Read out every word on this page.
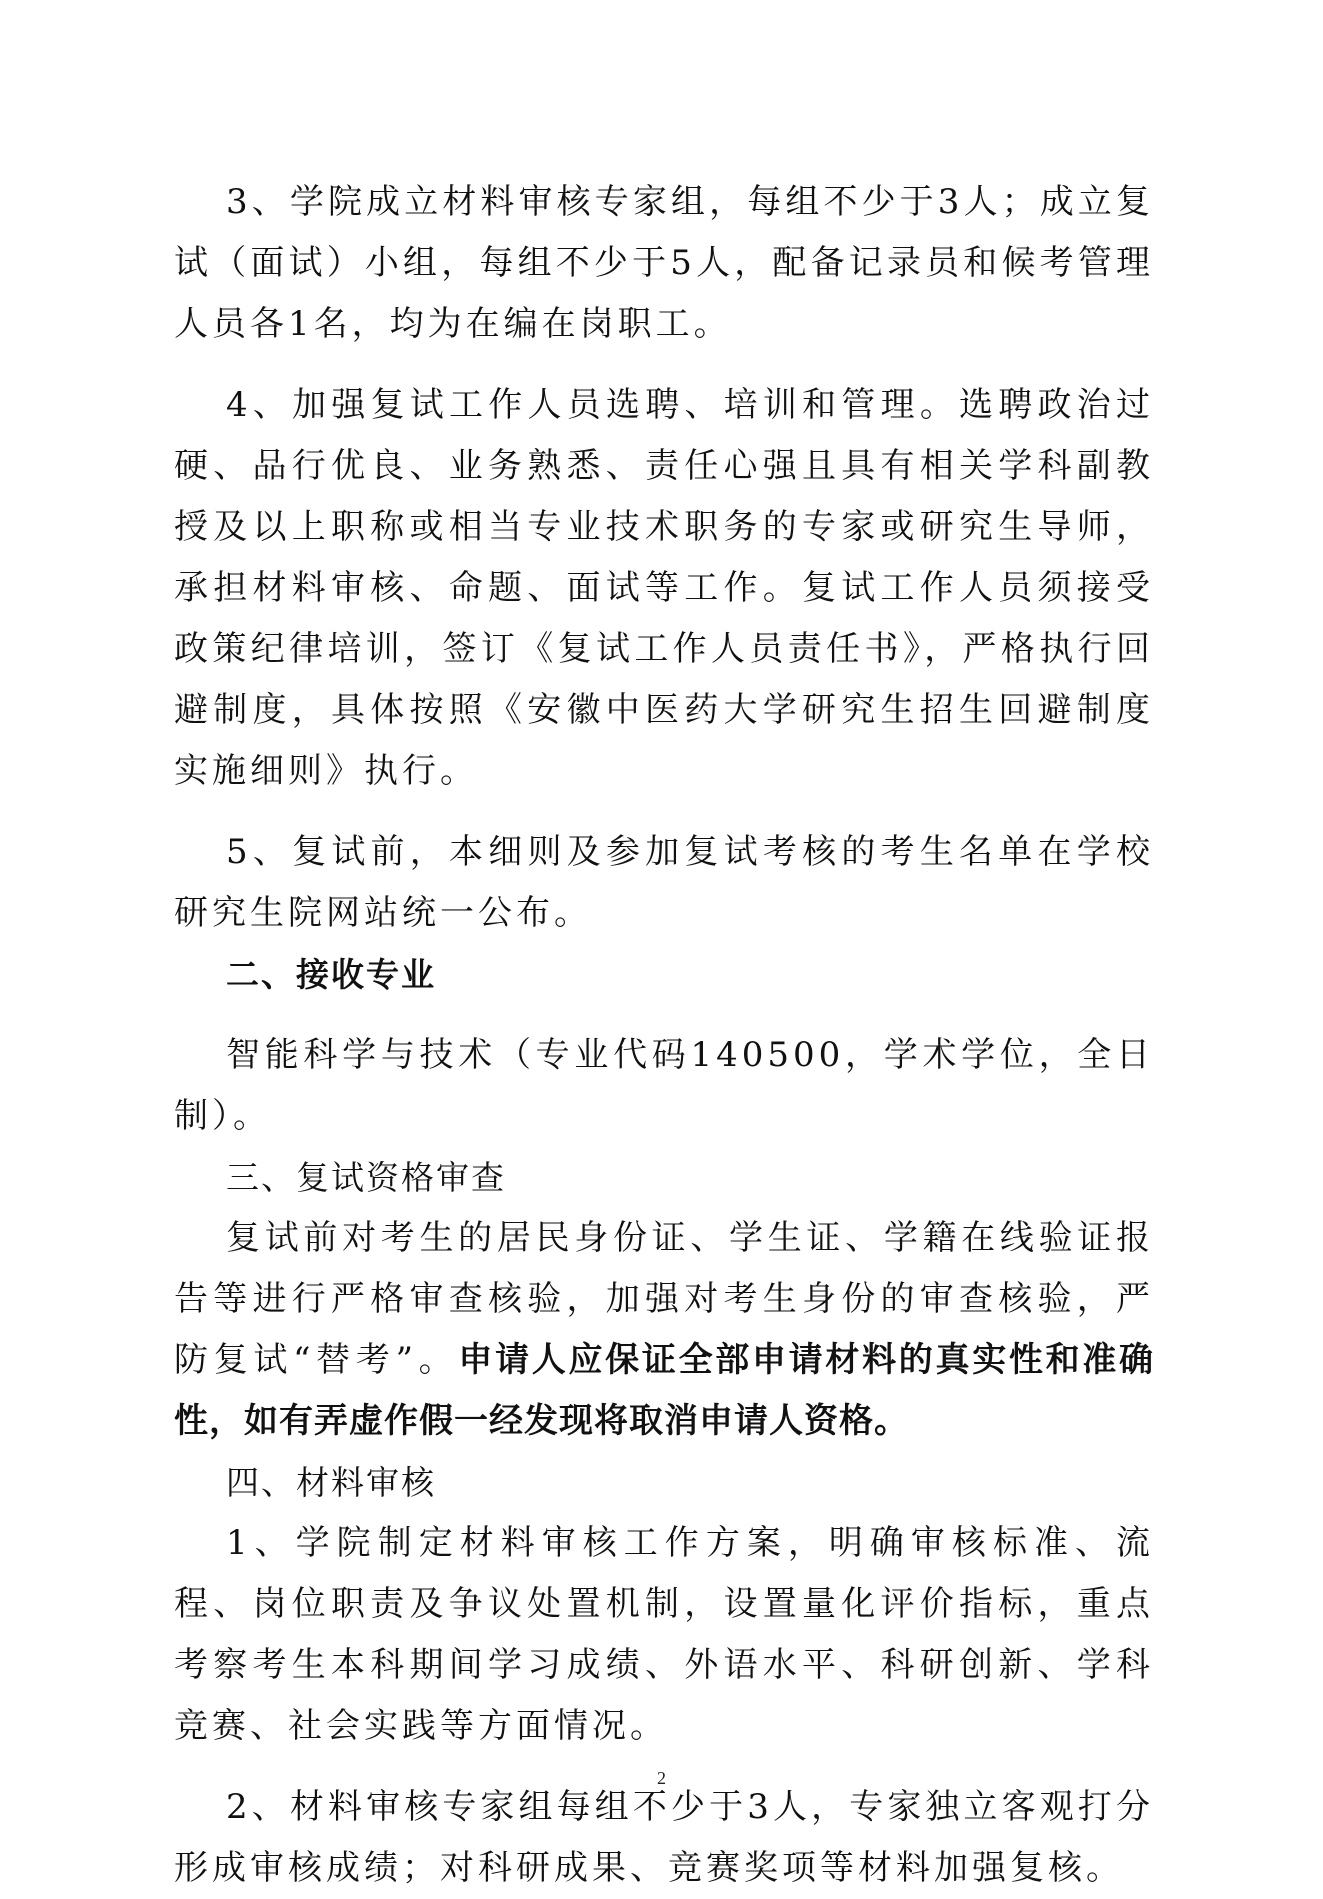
3、学院成立材料审核专家组，每组不少于3人；成立复试（面试）小组，每组不少于5人，配备记录员和候考管理人员各1名，均为在编在岗职工。

4、加强复试工作人员选聘、培训和管理。选聘政治过硬、品行优良、业务熟悉、责任心强且具有相关学科副教授及以上职称或相当专业技术职务的专家或研究生导师，承担材料审核、命题、面试等工作。复试工作人员须接受政策纪律培训，签订《复试工作人员责任书》，严格执行回避制度，具体按照《安徽中医药大学研究生招生回避制度实施细则》执行。

5、复试前，本细则及参加复试考核的考生名单在学校研究生院网站统一公布。

二、接收专业

智能科学与技术（专业代码140500，学术学位，全日制）。

三、复试资格审查

复试前对考生的居民身份证、学生证、学籍在线验证报告等进行严格审查核验，加强对考生身份的审查核验，严防复试“替考”。申请人应保证全部申请材料的真实性和准确性，如有弄虚作假一经发现将取消申请人资格。

四、材料审核

1、学院制定材料审核工作方案，明确审核标准、流程、岗位职责及争议处置机制，设置量化评价指标，重点考察考生本科期间学习成绩、外语水平、科研创新、学科竞赛、社会实践等方面情况。

2、材料审核专家组每组不少于3人，专家独立客观打分形成审核成绩；对科研成果、竞赛奖项等材料加强复核。

2
